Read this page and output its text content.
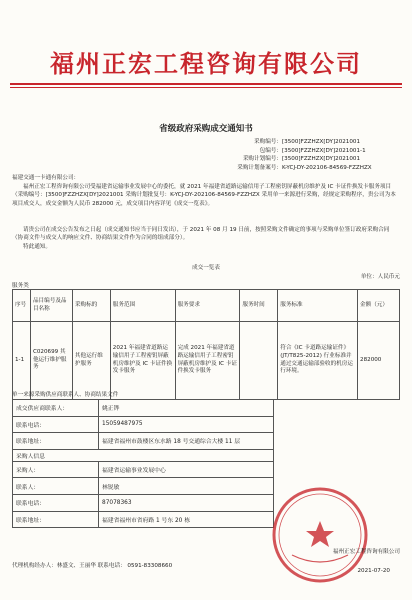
福州正宏工程咨询有限公司
省级政府采购成交通知书
采购编号： [3500]FZZHZX[DY]2021001
包编号： [3500]FZZHZX[DY]2021001-1
采购计划编号： [3500]FZZHZX[DY]2021001
采购计划备案号： K-YCJ-DY-202106-84569-FZZHZX
福建交通一卡通有限公司：
福州正宏工程咨询有限公司受福建省运输事业发展中心的委托，就 2021 年福建省道路运输信用子工程密钥屏蔽机房维护及 IC 卡证件换发卡服务项目（采购编号：[3500]FZZHZX[DY]2021001 采购计划批复号：K-YCJ-DY-202106-84569-FZZHZX 采用单一来源进行采购，经规定采购程序，贵公司为本项目成交人，成交金额为人民币 282000 元，成交项目内容详见《成交一览表》。
请贵公司在成交公告发布之日起（成交通知书应当于同日发出），于 2021 年 08 月 19 日前，按照采购文件确定的事项与采购单位签订政府采购合同（协商文件与成交人的响应文件、协商结果文件作为合同的组成部分）。
特此通知。
成交一览表
单位：人民币元
服务类
序号	品目编号及品目名称	采购标的	服务范围	服务要求	服务时间	服务标准	金额（元）
1-1	C020699 其他运行维护服务	其他运行维护服务	2021 年福建省道路运输信用子工程密钥屏蔽机房维护及 IC 卡证件换发卡服务	完成 2021 年福建省道路运输信用子工程密钥屏蔽机房维护及 IC 卡证件换发卡服务		符合《IC 卡道路运输证件》(JT/T825-2012) 行业标准并通过交通运输部验收的机房运行环境。	282000
单一来源采购供应商联系人、协商结果文件
成交供应商联系人：	姚正铧
联系电话：	15059487975
联系地址：	福建省福州市鼓楼区东水路 18 号交通综合大楼 11 层
采购人信息	
采购人：	福建省运输事业发展中心
联系人：	林锐敏
联系电话：	87078363
联系地址：	福建省福州市省府路 1 号东 20 栋
代理机构经办人：林盛文、王丽华 联系电话： 0591-83308660
福州正宏工程咨询有限公司
2021-07-20
